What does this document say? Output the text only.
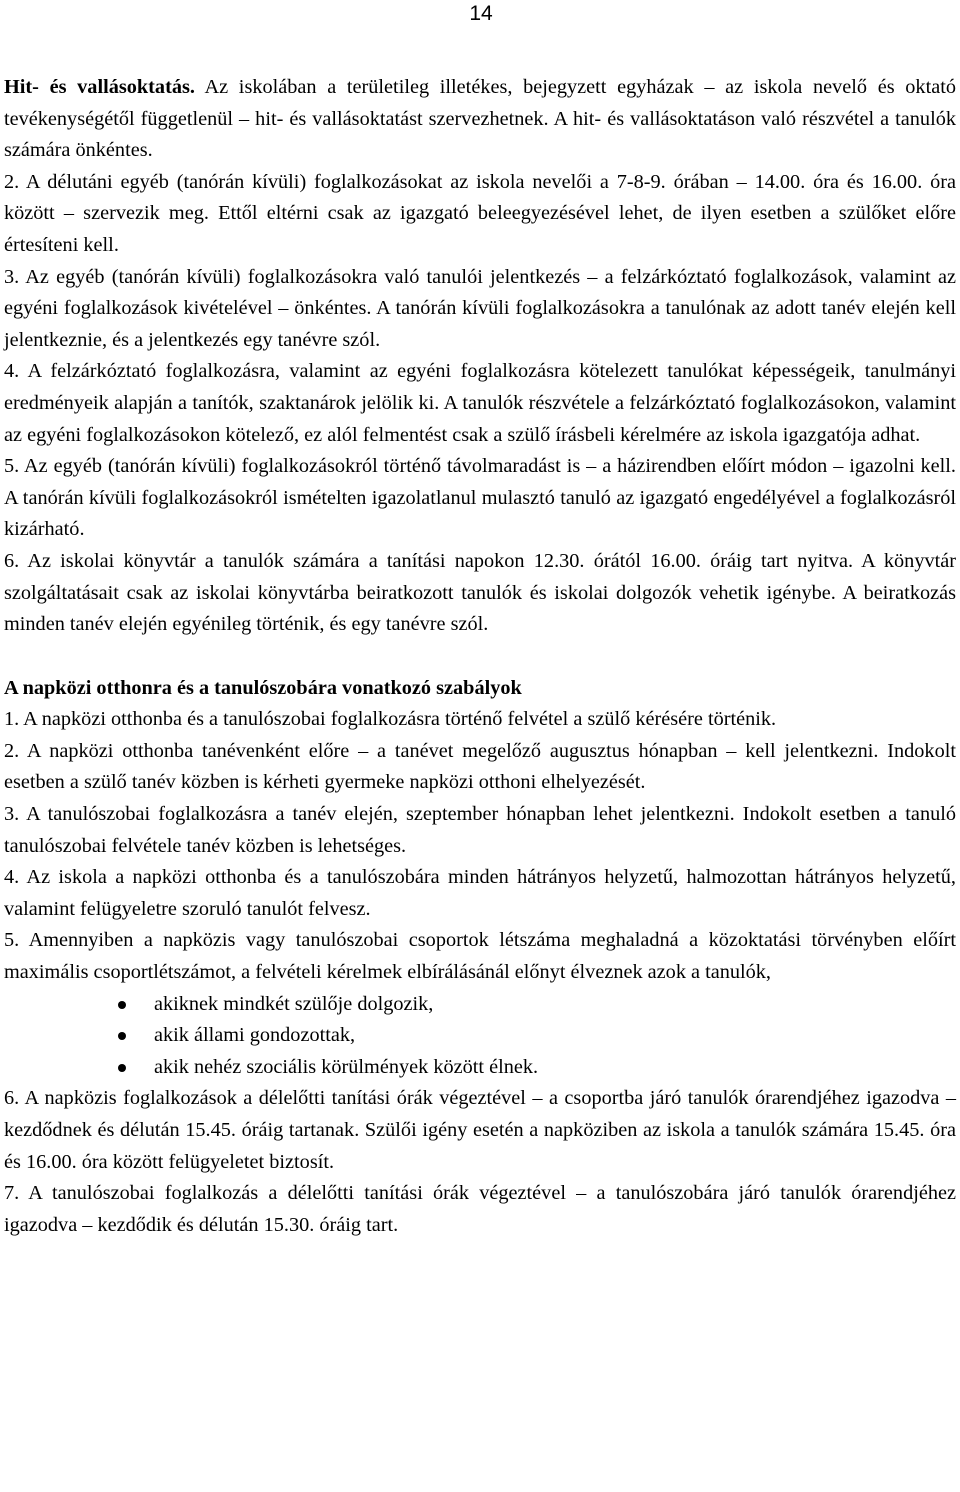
14

Hit- és vallásoktatás. Az iskolában a területileg illetékes, bejegyzett egyházak – az iskola nevelő és oktató tevékenységétől függetlenül – hit- és vallásoktatást szervezhetnek. A hit- és vallásoktatáson való részvétel a tanulók számára önkéntes.

2. A délutáni egyéb (tanórán kívüli) foglalkozásokat az iskola nevelői a 7-8-9. órában – 14.00. óra és 16.00. óra között – szervezik meg. Ettől eltérni csak az igazgató beleegyezésével lehet, de ilyen esetben a szülőket előre értesíteni kell.

3. Az egyéb (tanórán kívüli) foglalkozásokra való tanulói jelentkezés – a felzárkóztató foglalkozások, valamint az egyéni foglalkozások kivételével – önkéntes. A tanórán kívüli foglalkozásokra a tanulónak az adott tanév elején kell jelentkeznie, és a jelentkezés egy tanévre szól.

4. A felzárkóztató foglalkozásra, valamint az egyéni foglalkozásra kötelezett tanulókat képességeik, tanulmányi eredményeik alapján a tanítók, szaktanárok jelölik ki. A tanulók részvétele a felzárkóztató foglalkozásokon, valamint az egyéni foglalkozásokon kötelező, ez alól felmentést csak a szülő írásbeli kérelmére az iskola igazgatója adhat.

5. Az egyéb (tanórán kívüli) foglalkozásokról történő távolmaradást is – a házirendben előírt módon – igazolni kell. A tanórán kívüli foglalkozásokról ismételten igazolatlanul mulasztó tanuló az igazgató engedélyével a foglalkozásról kizárható.

6. Az iskolai könyvtár a tanulók számára a tanítási napokon 12.30. órától 16.00. óráig tart nyitva. A könyvtár szolgáltatásait csak az iskolai könyvtárba beiratkozott tanulók és iskolai dolgozók vehetik igénybe. A beiratkozás minden tanév elején egyénileg történik, és egy tanévre szól.

A napközi otthonra és a tanulószobára vonatkozó szabályok

1. A napközi otthonba és a tanulószobai foglalkozásra történő felvétel a szülő kérésére történik.

2. A napközi otthonba tanévenként előre – a tanévet megelőző augusztus hónapban – kell jelentkezni. Indokolt esetben a szülő tanév közben is kérheti gyermeke napközi otthoni elhelyezését.

3. A tanulószobai foglalkozásra a tanév elején, szeptember hónapban lehet jelentkezni. Indokolt esetben a tanuló tanulószobai felvétele tanév közben is lehetséges.

4. Az iskola a napközi otthonba és a tanulószobára minden hátrányos helyzetű, halmozottan hátrányos helyzetű, valamint felügyeletre szoruló tanulót felvesz.

5. Amennyiben a napközis vagy tanulószobai csoportok létszáma meghaladná a közoktatási törvényben előírt maximális csoportlétszámot, a felvételi kérelmek elbírálásánál előnyt élveznek azok a tanulók,

akiknek mindkét szülője dolgozik,
akik állami gondozottak,
akik nehéz szociális körülmények között élnek.

6. A napközis foglalkozások a délelőtti tanítási órák végeztével – a csoportba járó tanulók órarendjéhez igazodva – kezdődnek és délután 15.45. óráig tartanak. Szülői igény esetén a napköziben az iskola a tanulók számára 15.45. óra és 16.00. óra között felügyeletet biztosít.

7. A tanulószobai foglalkozás a délelőtti tanítási órák végeztével – a tanulószobára járó tanulók órarendjéhez igazodva – kezdődik és délután 15.30. óráig tart.
